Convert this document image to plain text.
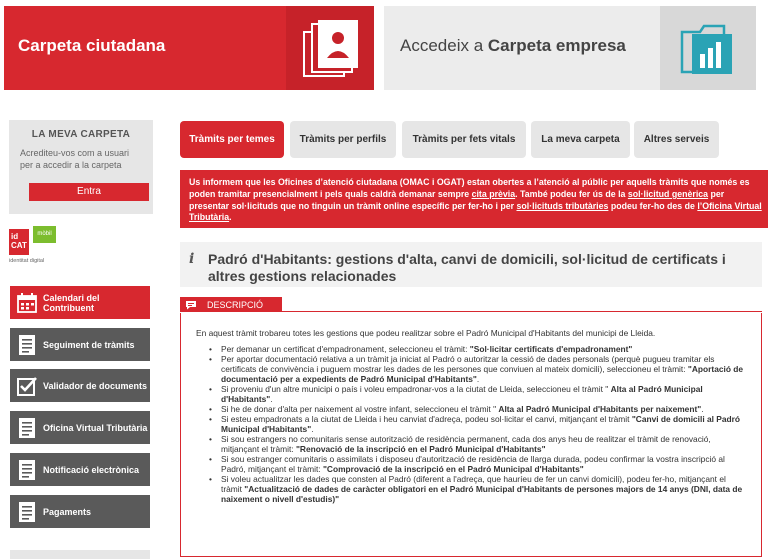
Carpeta ciutadana	Accedeix a Carpeta empresa
LA MEVA CARPETA
Acrediteu-vos com a usuari per a accedir a la carpeta
Entra
id CAT
mòbil
identitat digital
Calendari del Contribuent
Seguiment de tràmits
Validador de documents
Oficina Virtual Tributària
Notificació electrònica
Pagaments
Tràmits per temes	Tràmits per perfils	Tràmits per fets vitals	La meva carpeta	Altres serveis
Us informem que les Oficines d’atenció ciutadana (OMAC i OGAT) estan obertes a l’atenció al públic per aquells tràmits que només es poden tramitar presencialment i pels quals caldrà demanar sempre cita prèvia. També podeu fer ús de la sol·licitud genèrica per presentar sol·licituds que no tinguin un tràmit online específic per fer-ho i per sol·licituds tributàries podeu fer-ho des de l’Oficina Virtual Tributària.
i Padró d'Habitants: gestions d'alta, canvi de domicili, sol·licitud de certificats i altres gestions relacionades
DESCRIPCIÓ
En aquest tràmit trobareu totes les gestions que podeu realitzar sobre el Padró Municipal d'Habitants del municipi de Lleida.
• Per demanar un certificat d'empadronament, seleccioneu el tràmit: "Sol·licitar certificats d'empadronament"
• Per aportar documentació relativa a un tràmit ja iniciat al Padró o autoritzar la cessió de dades personals (perquè pugueu tramitar els certificats de convivència i puguem mostrar les dades de les persones que conviuen al mateix domicili), seleccioneu el tràmit: "Aportació de documentació per a expedients de Padró Municipal d'Habitants".
• Si proveniu d'un altre municipi o país i voleu empadronar-vos a la ciutat de Lleida, seleccioneu el tràmit " Alta al Padró Municipal d'Habitants".
• Si he de donar d'alta per naixement al vostre infant, seleccioneu el tràmit " Alta al Padró Municipal d'Habitants per naixement".
• Si esteu empadronats a la ciutat de Lleida i heu canviat d'adreça, podeu sol·licitar el canvi, mitjançant el tràmit "Canvi de domicili al Padró Municipal d'Habitants".
• Si sou estrangers no comunitaris sense autorització de residència permanent, cada dos anys heu de realitzar el tràmit de renovació, mitjançant el tràmit: "Renovació de la inscripció en el Padró Municipal d'Habitants"
• Si sou estranger comunitaris o assimilats i disposeu d'autorització de residència de llarga durada, podeu confirmar la vostra inscripció al Padró, mitjançant el tràmit: "Comprovació de la inscripció en el Padró Municipal d'Habitants"
• Si voleu actualitzar les dades que consten al Padró (diferent a l'adreça, que hauríeu de fer un canvi domicili), podeu fer-ho, mitjançant el tràmit "Actualització de dades de caràcter obligatori en el Padró Municipal d'Habitants de persones majors de 14 anys (DNI, data de naixement o nivell d'estudis)"
